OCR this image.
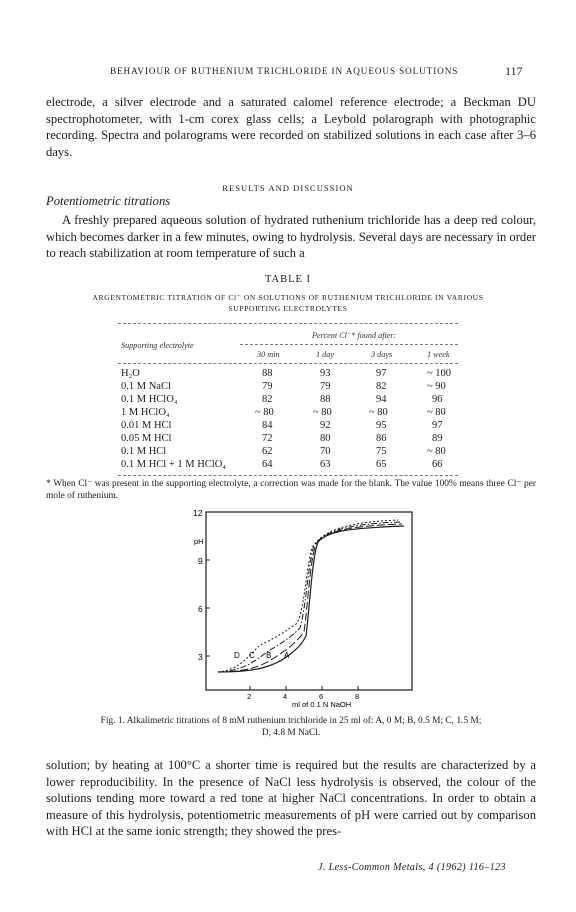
BEHAVIOUR OF RUTHENIUM TRICHLORIDE IN AQUEOUS SOLUTIONS	117

electrode, a silver electrode and a saturated calomel reference electrode; a Beckman DU spectrophotometer, with 1-cm corex glass cells; a Leybold polarograph with photographic recording. Spectra and polarograms were recorded on stabilized solutions in each case after 3–6 days.

RESULTS AND DISCUSSION
Potentiometric titrations

A freshly prepared aqueous solution of hydrated ruthenium trichloride has a deep red colour, which becomes darker in a few minutes, owing to hydrolysis. Several days are necessary in order to reach stabilization at room temperature of such a

TABLE I
ARGENTOMETRIC TITRATION OF Cl⁻ ON SOLUTIONS OF RUTHENIUM TRICHLORIDE IN VARIOUS
SUPPORTING ELECTROLYTES
Supporting electrolyte
Percent Cl⁻* found after:
30 min	1 day	3 days	1 week
H₂O	88	93	97	~ 100
0.1 M NaCl	79	79	82	~ 90
0.1 M HClO₄	82	88	94	96
1 M HClO₄	~ 80	~ 80	~ 80	~ 80
0.01 M HCl	84	92	95	97
0.05 M HCl	72	80	86	89
0.1 M HCl	62	70	75	~ 80
0.1 M HCl + 1 M HClO₄	64	63	65	66

* When Cl⁻ was present in the supporting electrolyte, a correction was made for the blank. The value 100% means three Cl⁻ per mole of ruthenium.

12
pH
9
6
3
2	4	6	8
ml of 0.1 N NaOH
D C B A
Fig. 1. Alkalimetric titrations of 8 mM ruthenium trichloride in 25 ml of: A, 0 M; B, 0.5 M; C, 1.5 M;
D, 4.8 M NaCl.

solution; by heating at 100°C a shorter time is required but the results are characterized by a lower reproducibility. In the presence of NaCl less hydrolysis is observed, the colour of the solutions tending more toward a red tone at higher NaCl concentrations. In order to obtain a measure of this hydrolysis, potentiometric measurements of pH were carried out by comparison with HCl at the same ionic strength; they showed the pres-

J. Less-Common Metals, 4 (1962) 116–123
